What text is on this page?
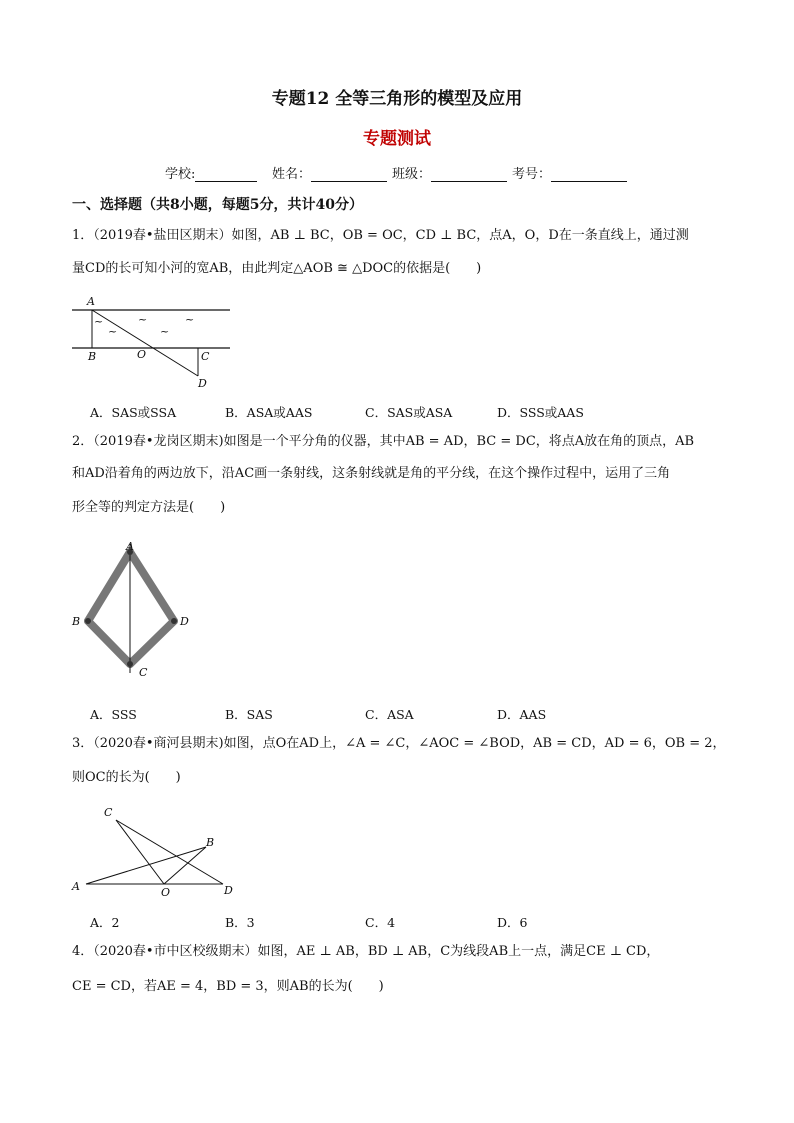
专题12 全等三角形的模型及应用
专题测试
学校:	姓名：	班级：	考号：
一、选择题（共8小题，每题5分，共计40分）
1．（2019春•盐田区期末）如图，AB ⊥ BC，OB = OC，CD ⊥ BC，点A，O，D在一条直线上，通过测
量CD的长可知小河的宽AB，由此判定△AOB ≅ △DOC的依据是(　　)
A
B	O	C
D
~
~
~
~
~
A．SAS或SSA	B．ASA或AAS	C．SAS或ASA	D．SSS或AAS
2．（2019春•龙岗区期末)如图是一个平分角的仪器，其中AB = AD，BC = DC，将点A放在角的顶点，AB
和AD沿着角的两边放下，沿AC画一条射线，这条射线就是角的平分线，在这个操作过程中，运用了三角
形全等的判定方法是(　　)
A
B	D
C
A．SSS	B．SAS	C．ASA	D．AAS
3．（2020春•商河县期末)如图，点O在AD上，∠A = ∠C，∠AOC = ∠BOD，AB = CD，AD = 6，OB = 2，
则OC的长为(　　)
C
B
A	O	D
A．2	B．3	C．4	D．6
4．（2020春•市中区校级期末）如图，AE ⊥ AB，BD ⊥ AB，C为线段AB上一点，满足CE ⊥ CD，
CE = CD，若AE = 4，BD = 3，则AB的长为(　　)
